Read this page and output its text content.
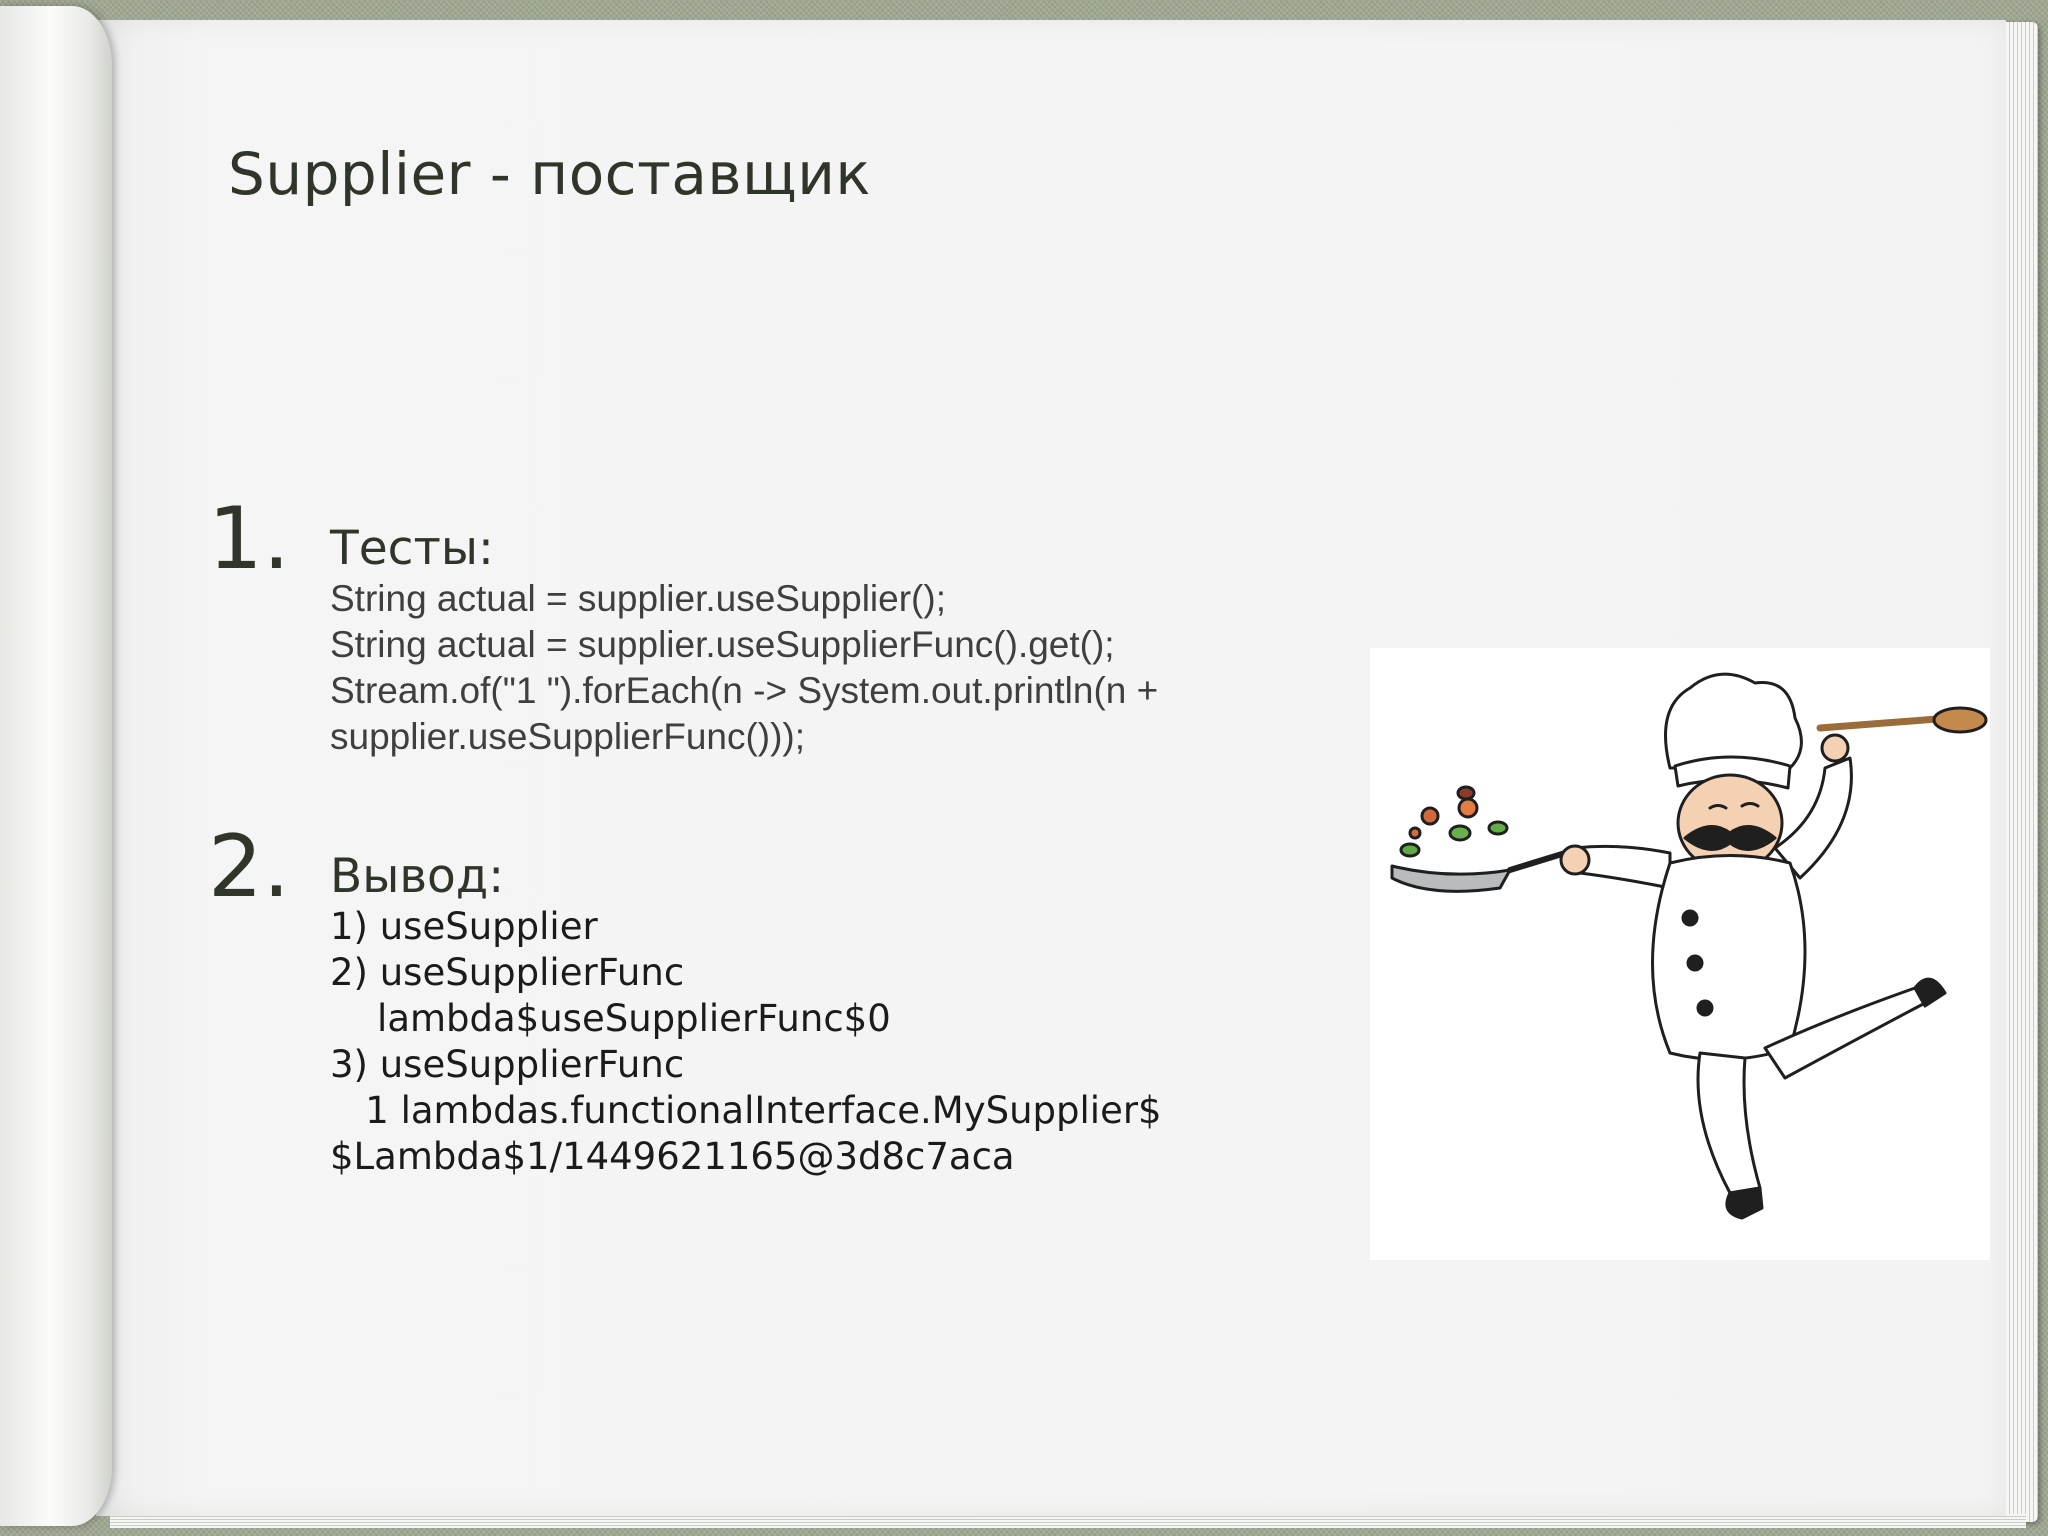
Supplier - поставщик
1. Тесты:
String actual = supplier.useSupplier();
String actual = supplier.useSupplierFunc().get();
Stream.of("1 ").forEach(n -> System.out.println(n +
supplier.useSupplierFunc()));
2. Вывод:
1) useSupplier
2) useSupplierFunc
lambda$useSupplierFunc$0
3) useSupplierFunc
1 lambdas.functionalInterface.MySupplier$
$Lambda$1/1449621165@3d8c7aca
